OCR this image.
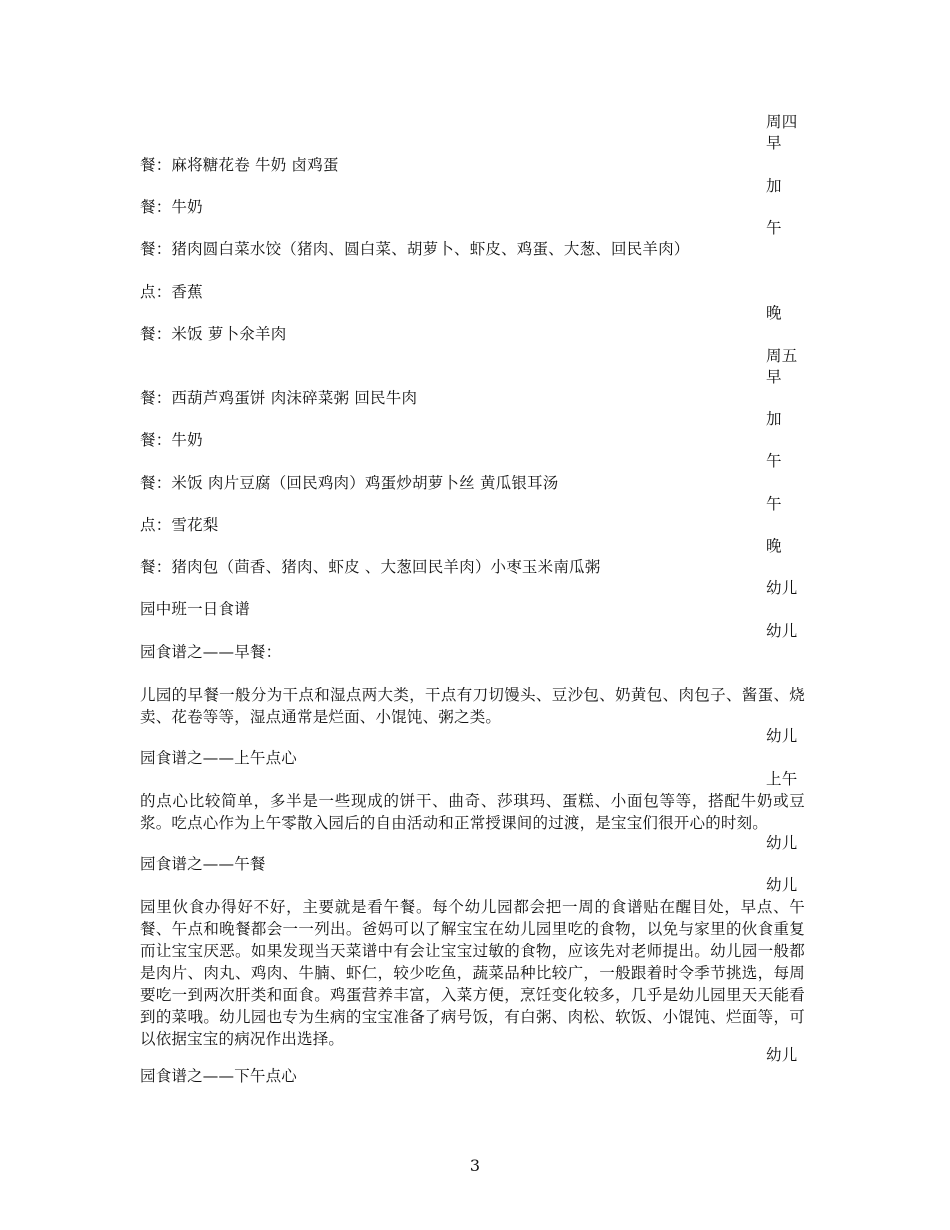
周四
早
餐：麻将糖花卷 牛奶 卤鸡蛋
加
餐：牛奶
午
餐：猪肉圆白菜水饺（猪肉、圆白菜、胡萝卜、虾皮、鸡蛋、大葱、回民羊肉）
点：香蕉
晚
餐：米饭 萝卜氽羊肉
周五
早
餐：西葫芦鸡蛋饼 肉沫碎菜粥 回民牛肉
加
餐：牛奶
午
餐：米饭 肉片豆腐（回民鸡肉）鸡蛋炒胡萝卜丝 黄瓜银耳汤
午
点：雪花梨
晚
餐：猪肉包（茴香、猪肉、虾皮 、大葱回民羊肉）小枣玉米南瓜粥
幼儿
园中班一日食谱
幼儿
园食谱之——早餐：
儿园的早餐一般分为干点和湿点两大类，干点有刀切馒头、豆沙包、奶黄包、肉包子、酱蛋、烧卖、花卷等等，湿点通常是烂面、小馄饨、粥之类。
幼儿
园食谱之——上午点心
上午
的点心比较简单，多半是一些现成的饼干、曲奇、莎琪玛、蛋糕、小面包等等，搭配牛奶或豆浆。吃点心作为上午零散入园后的自由活动和正常授课间的过渡，是宝宝们很开心的时刻。
幼儿
园食谱之——午餐
幼儿
园里伙食办得好不好，主要就是看午餐。每个幼儿园都会把一周的食谱贴在醒目处，早点、午餐、午点和晚餐都会一一列出。爸妈可以了解宝宝在幼儿园里吃的食物，以免与家里的伙食重复而让宝宝厌恶。如果发现当天菜谱中有会让宝宝过敏的食物，应该先对老师提出。幼儿园一般都是肉片、肉丸、鸡肉、牛腩、虾仁，较少吃鱼，蔬菜品种比较广，一般跟着时令季节挑选，每周要吃一到两次肝类和面食。鸡蛋营养丰富，入菜方便，烹饪变化较多，几乎是幼儿园里天天能看到的菜哦。幼儿园也专为生病的宝宝准备了病号饭，有白粥、肉松、软饭、小馄饨、烂面等，可以依据宝宝的病况作出选择。
幼儿
园食谱之——下午点心
3
